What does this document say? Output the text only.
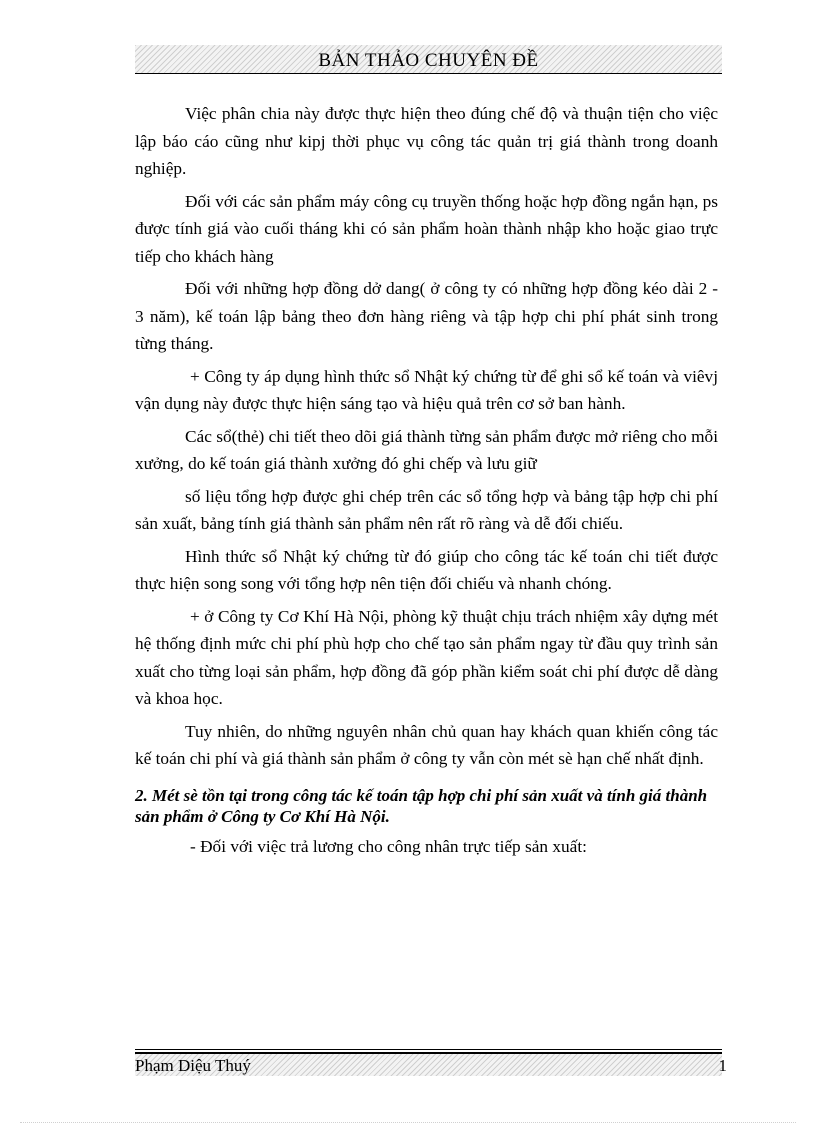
BẢN THẢO CHUYÊN ĐỀ

Việc phân chia này được thực hiện theo đúng chế độ và thuận tiện cho việc lập báo cáo cũng như kipj thời phục vụ công tác quản trị giá thành trong doanh nghiệp.

Đối với các sản phẩm máy công cụ truyền thống hoặc hợp đồng ngắn hạn, ps được tính giá vào cuối tháng khi có sản phẩm hoàn thành nhập kho hoặc giao trực tiếp cho khách hàng

Đối với những hợp đồng dở dang( ở công ty có những hợp đồng kéo dài 2 - 3 năm), kế toán lập bảng theo đơn hàng riêng và tập hợp chi phí phát sinh trong từng tháng.

+ Công ty áp dụng hình thức sổ Nhật ký chứng từ để ghi sổ kế toán và viêvj vận dụng này được thực hiện sáng tạo và hiệu quả trên cơ sở ban hành.

Các sổ(thẻ) chi tiết theo dõi giá thành từng sản phẩm được mở riêng cho mỗi xưởng, do kế toán giá thành xưởng đó ghi chếp và lưu giữ

số liệu tổng hợp được ghi chép trên các sổ tổng hợp và bảng tập hợp chi phí sản xuất, bảng tính giá thành sản phẩm nên rất rõ ràng và dễ đối chiếu.

Hình thức sổ Nhật ký chứng từ đó giúp cho công tác kế toán chi tiết được thực hiện song song với tổng hợp nên tiện đối chiếu và nhanh chóng.

+ ở Công ty Cơ Khí Hà Nội, phòng kỹ thuật chịu trách nhiệm xây dựng mét hệ thống định mức chi phí phù hợp cho chế tạo sản phẩm ngay từ đầu quy trình sản xuất cho từng loại sản phẩm, hợp đồng đã góp phần kiểm soát chi phí được dễ dàng và khoa học.

Tuy nhiên, do những nguyên nhân chủ quan hay khách quan khiến công tác kế toán chi phí và giá thành sản phẩm ở công ty vẫn còn mét sè hạn chế nhất định.

2. Mét sè tồn tại trong công tác kế toán tập hợp chi phí sản xuất và tính giá thành sản phẩm ở Công ty Cơ Khí Hà Nội.

- Đối với việc trả lương cho công nhân trực tiếp sản xuất:

Phạm Diệu Thuý	1
